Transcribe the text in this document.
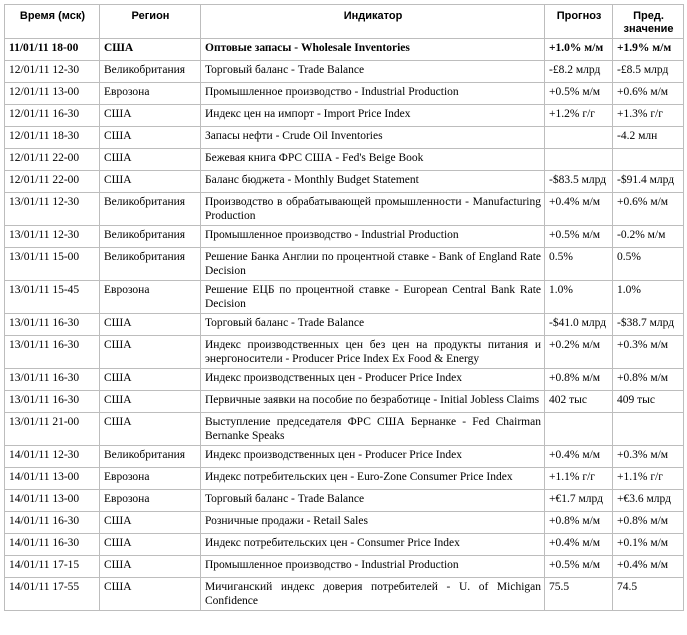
Время (мск)	Регион	Индикатор	Прогноз	Пред. значение
11/01/11 18-00	США	Оптовые запасы - Wholesale Inventories	+1.0% м/м	+1.9% м/м
12/01/11 12-30	Великобритания	Торговый баланс - Trade Balance	-£8.2 млрд	-£8.5 млрд
12/01/11 13-00	Еврозона	Промышленное производство - Industrial Production	+0.5% м/м	+0.6% м/м
12/01/11 16-30	США	Индекс цен на импорт - Import Price Index	+1.2% г/г	+1.3% г/г
12/01/11 18-30	США	Запасы нефти - Crude Oil Inventories		-4.2 млн
12/01/11 22-00	США	Бежевая книга ФРС США - Fed's Beige Book		
12/01/11 22-00	США	Баланс бюджета - Monthly Budget Statement	-$83.5 млрд	-$91.4 млрд
13/01/11 12-30	Великобритания	Производство в обрабатывающей промышленности - Manufacturing Production	+0.4% м/м	+0.6% м/м
13/01/11 12-30	Великобритания	Промышленное производство - Industrial Production	+0.5% м/м	-0.2% м/м
13/01/11 15-00	Великобритания	Решение Банка Англии по процентной ставке - Bank of England Rate Decision	0.5%	0.5%
13/01/11 15-45	Еврозона	Решение ЕЦБ по процентной ставке - European Central Bank Rate Decision	1.0%	1.0%
13/01/11 16-30	США	Торговый баланс - Trade Balance	-$41.0 млрд	-$38.7 млрд
13/01/11 16-30	США	Индекс производственных цен без цен на продукты питания и энергоносители - Producer Price Index Ex Food & Energy	+0.2% м/м	+0.3% м/м
13/01/11 16-30	США	Индекс производственных цен - Producer Price Index	+0.8% м/м	+0.8% м/м
13/01/11 16-30	США	Первичные заявки на пособие по безработице - Initial Jobless Claims	402 тыс	409 тыс
13/01/11 21-00	США	Выступление председателя ФРС США Бернанке - Fed Chairman Bernanke Speaks		
14/01/11 12-30	Великобритания	Индекс производственных цен - Producer Price Index	+0.4% м/м	+0.3% м/м
14/01/11 13-00	Еврозона	Индекс потребительских цен - Euro-Zone Consumer Price Index	+1.1% г/г	+1.1% г/г
14/01/11 13-00	Еврозона	Торговый баланс - Trade Balance	+€1.7 млрд	+€3.6 млрд
14/01/11 16-30	США	Розничные продажи - Retail Sales	+0.8% м/м	+0.8% м/м
14/01/11 16-30	США	Индекс потребительских цен - Consumer Price Index	+0.4% м/м	+0.1% м/м
14/01/11 17-15	США	Промышленное производство - Industrial Production	+0.5% м/м	+0.4% м/м
14/01/11 17-55	США	Мичиганский индекс доверия потребителей - U. of Michigan Confidence	75.5	74.5
